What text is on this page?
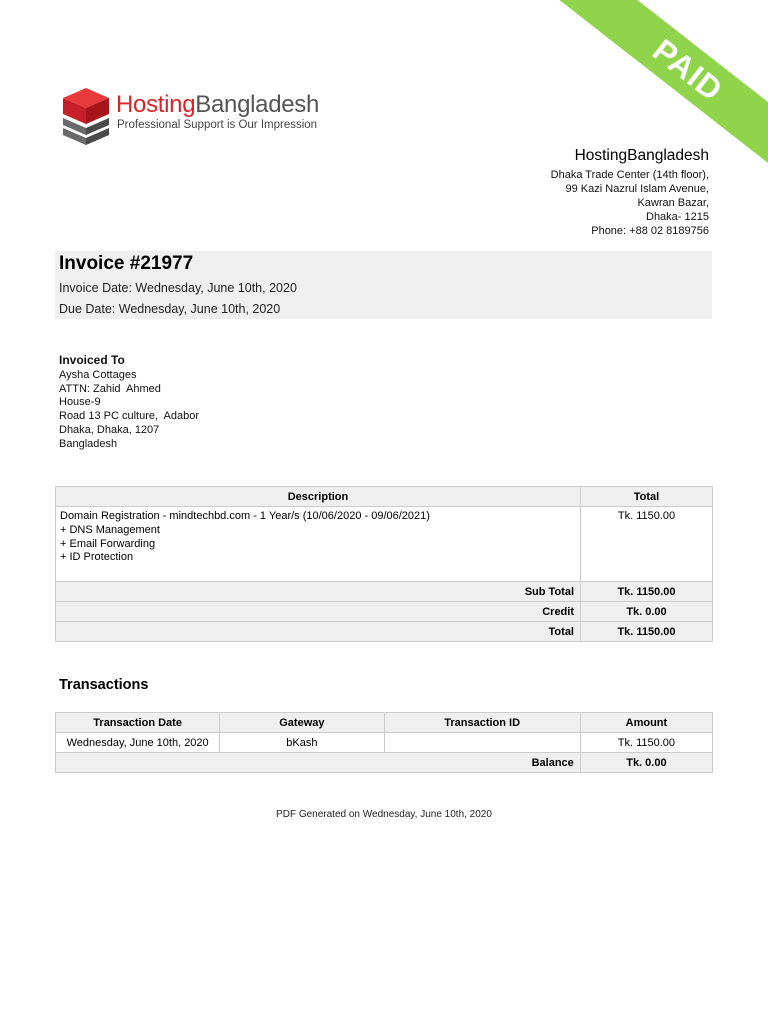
PAID
HostingBangladesh
Professional Support is Our Impression
HostingBangladesh
Dhaka Trade Center (14th floor),
99 Kazi Nazrul Islam Avenue,
Kawran Bazar,
Dhaka- 1215
Phone: +88 02 8189756
Invoice #21977
Invoice Date: Wednesday, June 10th, 2020
Due Date: Wednesday, June 10th, 2020
Invoiced To
Aysha Cottages
ATTN: Zahid  Ahmed
House-9
Road 13 PC culture,  Adabor
Dhaka, Dhaka, 1207
Bangladesh
Description	Total

Domain Registration - mindtechbd.com - 1 Year/s (10/06/2020 - 09/06/2021)
+ DNS Management
+ Email Forwarding
+ ID Protection	Tk. 1150.00
Sub Total	Tk. 1150.00
Credit	Tk. 0.00
Total	Tk. 1150.00
Transactions
Transaction Date	Gateway	Transaction ID	Amount
Wednesday, June 10th, 2020	bKash		Tk. 1150.00
Balance			Tk. 0.00
PDF Generated on Wednesday, June 10th, 2020
